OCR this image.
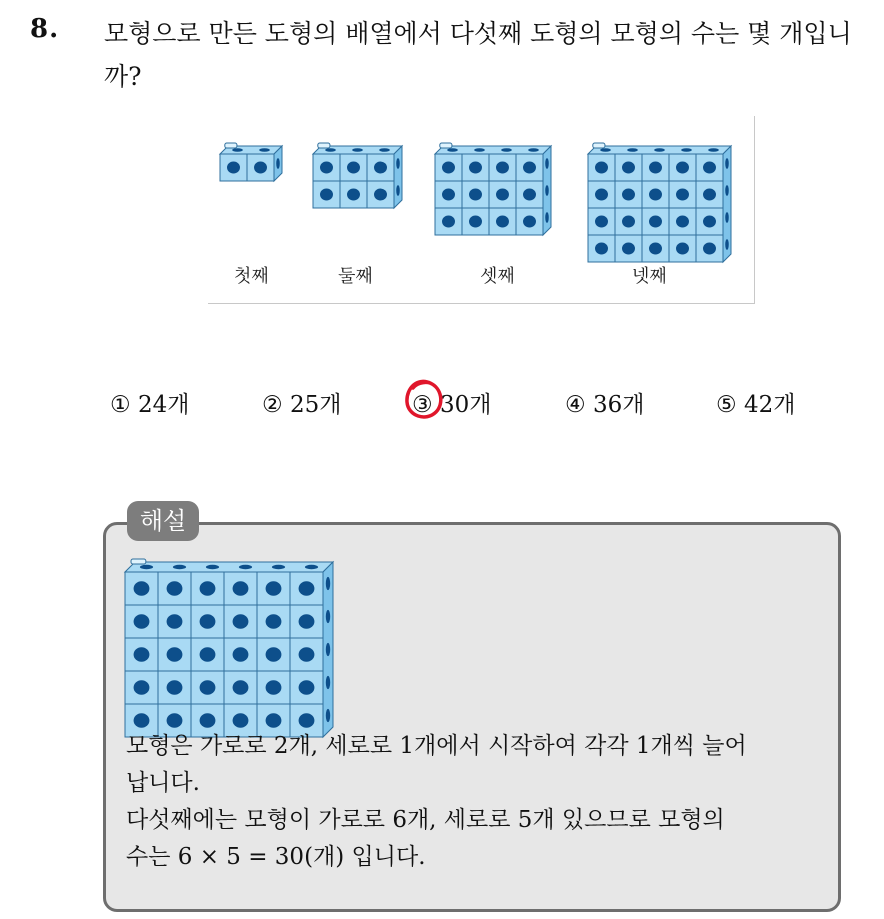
8. 모형으로 만든 도형의 배열에서 다섯째 도형의 모형의 수는 몇 개입니까?
첫째	둘째	셋째	넷째
① 24개	② 25개	③ 30개	④ 36개	⑤ 42개
해설

모형은 가로로 2개, 세로로 1개에서 시작하여 각각 1개씩 늘어

납니다.

다섯째에는 모형이 가로로 6개, 세로로 5개 있으므로 모형의

수는 6 × 5 = 30(개) 입니다.
